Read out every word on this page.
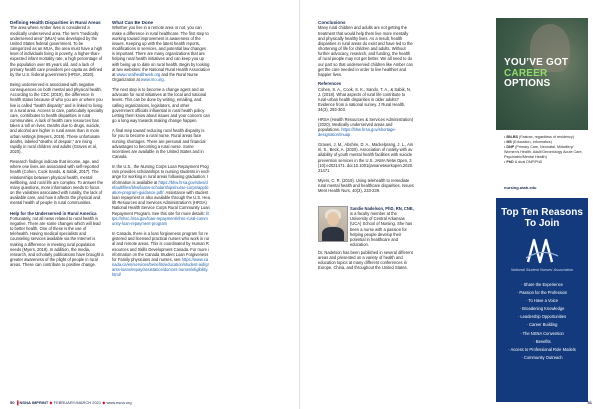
Defining Health Disparities in Rural Areas

The area where Amber lives is considered a medically underserved area. The term “medically underserved area” (MUA) was developed by the United States federal government. To be categorized as an MUA, the area must have a high level of individuals living in poverty, a higher-than-expected infant mortality rate, a high percentage of the population over 65 years old, and a lack of primary health care providers per capita as defined by the U.S. federal government (HRSA, 2020).

Being underserved is associated with negative consequences on both mental and physical health. According to the CDC (2019), the difference in health status because of who you are or where you live is called “health disparity” and is linked to living in a rural area. Access to care, particularly specialty care, contributes to health disparities in rural communities. A lack of health care resources has taken a toll on lives. Deaths due to drugs, suicide, and alcohol are higher in rural areas than in more urban settings (Meyers, 2019). These unfortunate deaths, labeled “deaths of despair,” are rising rapidly in rural children and adults (Graves et al, 2020).

Research findings indicate that income, age, and where one lives are associated with self-reported health (Cohen, Cook Sands, & Sabik, 2017). The relationships between physical health, mental wellbeing, and rural life are complex. To answer the many questions, more information needs to focus on the variables associated with rurality, the lack of available care, and how it affects the physical and mental health of people in rural communities.

Help for the Underserved in Rural America

Fortunately, not all news related to rural health is negative. There are some changes which will lead to better health. One of these is the use of telehealth. Having medical specialists and counseling services available via the Internet is making a difference in meeting rural population needs (Myers, 2019). In addition, the media, research, and scholarly publications have brought a greater awareness of the plight of people in rural areas. These can contribute to positive change.

What Can Be Done

Whether you live in a remote area or not, you can make a difference in rural healthcare. The first step to working toward improvement is awareness of the issues. Keeping up with the latest health reports, modifications in services, and potential law changes is important. There are many organizations that are helping rural health initiatives and can keep you up with being up to date on rural health. Begin by looking at two websites: the National Rural Health Association at www.ruralhealthweb.org and the Rural Nurse Organization at www.rno.org.

The next step is to become a change agent and an advocate for rural initiatives at the local and national levels. This can be done by writing, emailing, and calling organizations, legislators, and other government officials influential in rural health policy. Letting them know about issues and your concern can go a long way towards making change happen.

A final step toward reducing rural health disparity is for you to become a rural nurse. Rural areas face nursing shortages. There are personal and financial advantages to becoming a rural nurse. Some incentives are available in the United States and in Canada.

In the U.S., the Nursing Corps Loan Repayment Program provides scholarships to nursing students in exchange for working in rural areas following graduation. Information is available at https://bhw.hrsa.gov/sites/default/files/bhw/loans-scholarships/nurse-corps/application-program-guidance.pdf/. Assistance with student loan repayment is also available through the U.S. Health Resources and Services Administration’s (HRSA) National Health Service Corps Rural Community Loan Repayment Program. See this site for more details: https://nhsc.hrsa.gov/loan-repayment/nhsc-rural-community-loan-repayment-program

In Canada, there is a loan forgiveness program for registered and licensed practical nurses who work in rural and remote areas. This is coordinated by Human Resources and Skills Development Canada. For more information on the Canada Student Loan Forgiveness for Family physicians and nurses, see https://www.canada.ca/en/services/benefits/education/student-aid/grants-loans/repay/assistance/doctors-nurses/eligibility.html/

50 ▐ NSNA IMPRINT ◆ FEBRUARY/MARCH 2021 ◆ www.nsna.org
Conclusions

Many rural children and adults are not getting the treatment that would help them live more mentally and physically healthy lives. As a result, health disparities in rural areas do exist and have led to the shortening of life for children and adults. Without further advocacy, research, and funding, the health of rural people may not get better. We all need to do our part so that underserved children like Amber can get the care needed in order to live healthier and happier lives.

References

Cohen, S. A., Cook, S. K., Sando, T. A., & Sabik, N. J. (2018). What aspects of rural life contribute to rural-urban health disparities in older adults? Evidence from a national survey. J Rural Health, 34(3), 293-303.

HRSA (Health Resources & Services Administration) (2020). Medically underserved areas and populations. https://bhw.hrsa.gov/shortage-designation/muap

Graves, J. M., Abshire, D. A., Mackelprang, J. L., Amiri, S., Beck, A. (2020). Association of rurality with availability of youth mental health facilities with suicide prevention services in the U.S. JAMA Netw Open, 3(10):e2021471. doi:10.1001/jamanetworkopen.2020.21471

Myers, C. R. (2019). Using telehealth to remediate rural mental health and healthcare disparities. Issues Ment Health Nurs, 40(3), 233-239.

Sandie Nadelson, PhD, RN, CNE, is a faculty member at the University of Central Arkansas (UCA) School of Nursing. She has been a nurse with a passion for helping people develop their potential in healthcare and education.

Dr. Nadelson has been published in several different areas and presented on a variety of health and education topics at many different conferences in Europe, China, and throughout the United States.

YOU’VE GOT
CAREER
OPTIONS
• BN-BS (Fastrax, regardless of residency)
• MS (Education, Informatics)
• DNP (Primary Care, Neonatal, Midwifery/ Women’s Health, Adult/Gerontology Acute Care, Psychiatric/Mental Health)
• PhD & dual DNP/PhD
nursing.utah.edu
Top Ten Reasons
To Join
National Student Nurses’ Association
· Share the Experience
· Passion for the Profession
· To Have a Voice
· Broadening Knowledge
· Leadership Opportunities
· Career Building
· The NSNA Convention
· Benefits
· Access to Professional Role Models
· Community Outreach
51
